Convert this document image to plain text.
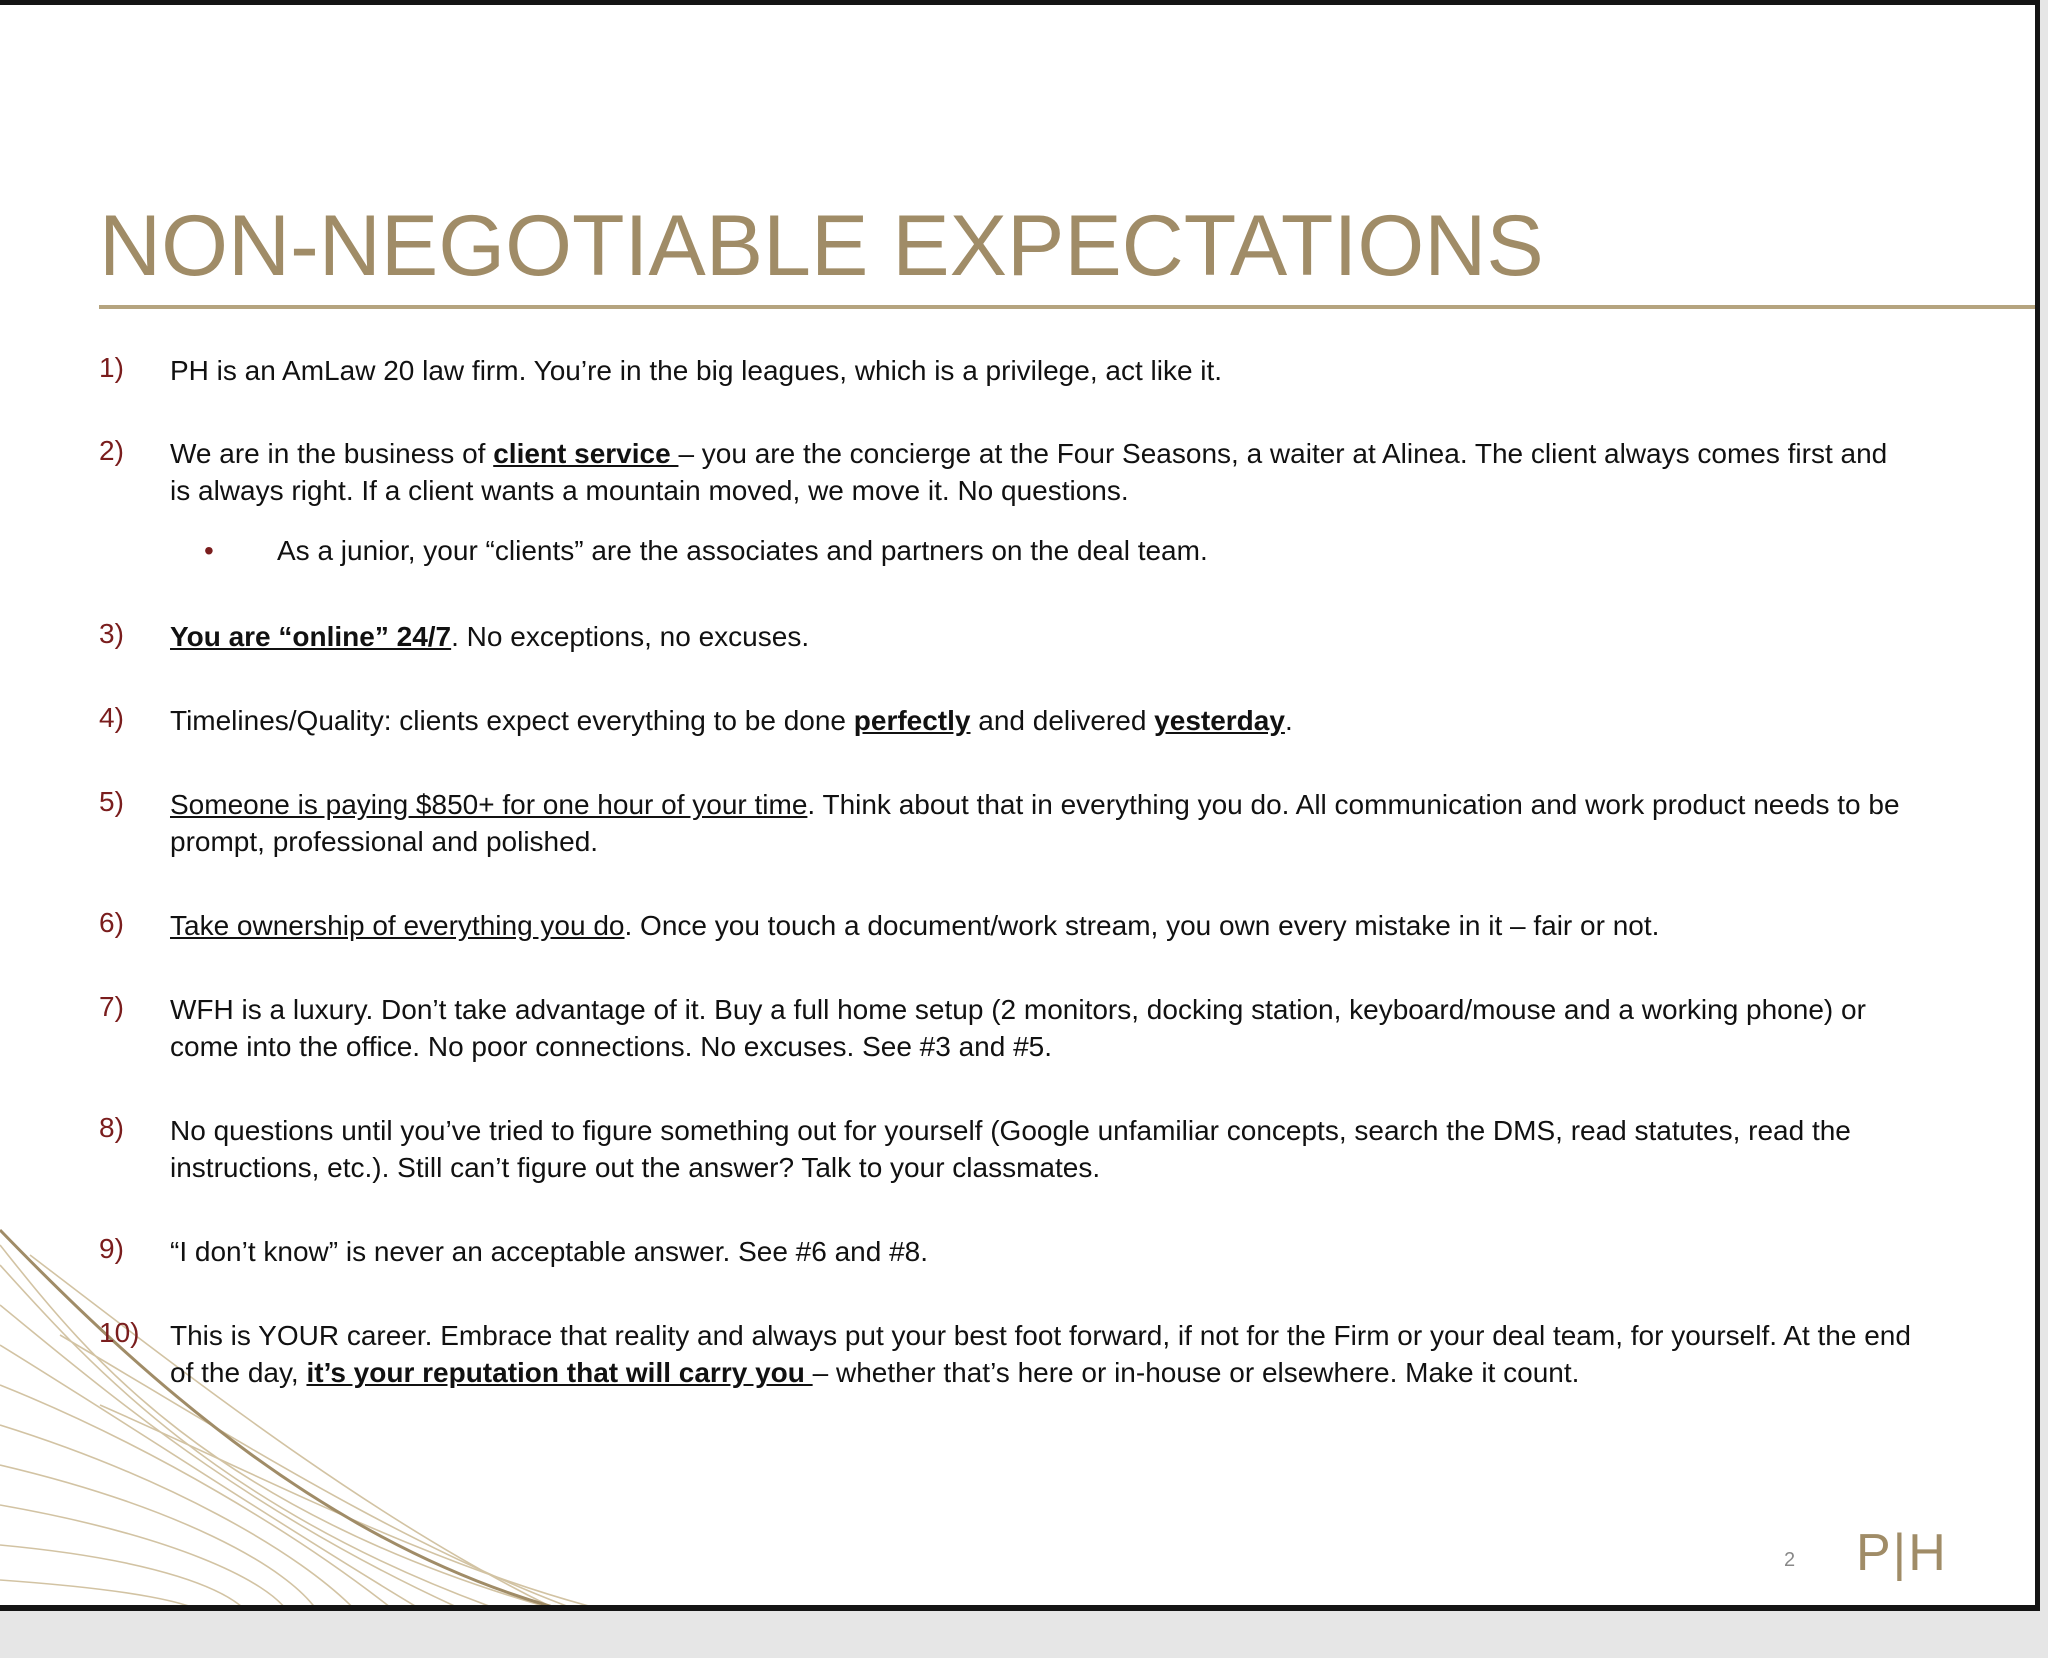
NON-NEGOTIABLE EXPECTATIONS
1) PH is an AmLaw 20 law firm. You’re in the big leagues, which is a privilege, act like it.
2) We are in the business of client service – you are the concierge at the Four Seasons, a waiter at Alinea. The client always comes first and is always right. If a client wants a mountain moved, we move it. No questions.
• As a junior, your “clients” are the associates and partners on the deal team.
3) You are “online” 24/7. No exceptions, no excuses.
4) Timelines/Quality: clients expect everything to be done perfectly and delivered yesterday.
5) Someone is paying $850+ for one hour of your time. Think about that in everything you do. All communication and work product needs to be prompt, professional and polished.
6) Take ownership of everything you do. Once you touch a document/work stream, you own every mistake in it – fair or not.
7) WFH is a luxury. Don’t take advantage of it. Buy a full home setup (2 monitors, docking station, keyboard/mouse and a working phone) or come into the office. No poor connections. No excuses. See #3 and #5.
8) No questions until you’ve tried to figure something out for yourself (Google unfamiliar concepts, search the DMS, read statutes, read the instructions, etc.). Still can’t figure out the answer? Talk to your classmates.
9) “I don’t know” is never an acceptable answer. See #6 and #8.
10) This is YOUR career. Embrace that reality and always put your best foot forward, if not for the Firm or your deal team, for yourself. At the end of the day, it’s your reputation that will carry you – whether that’s here or in-house or elsewhere. Make it count.
2 P|H
